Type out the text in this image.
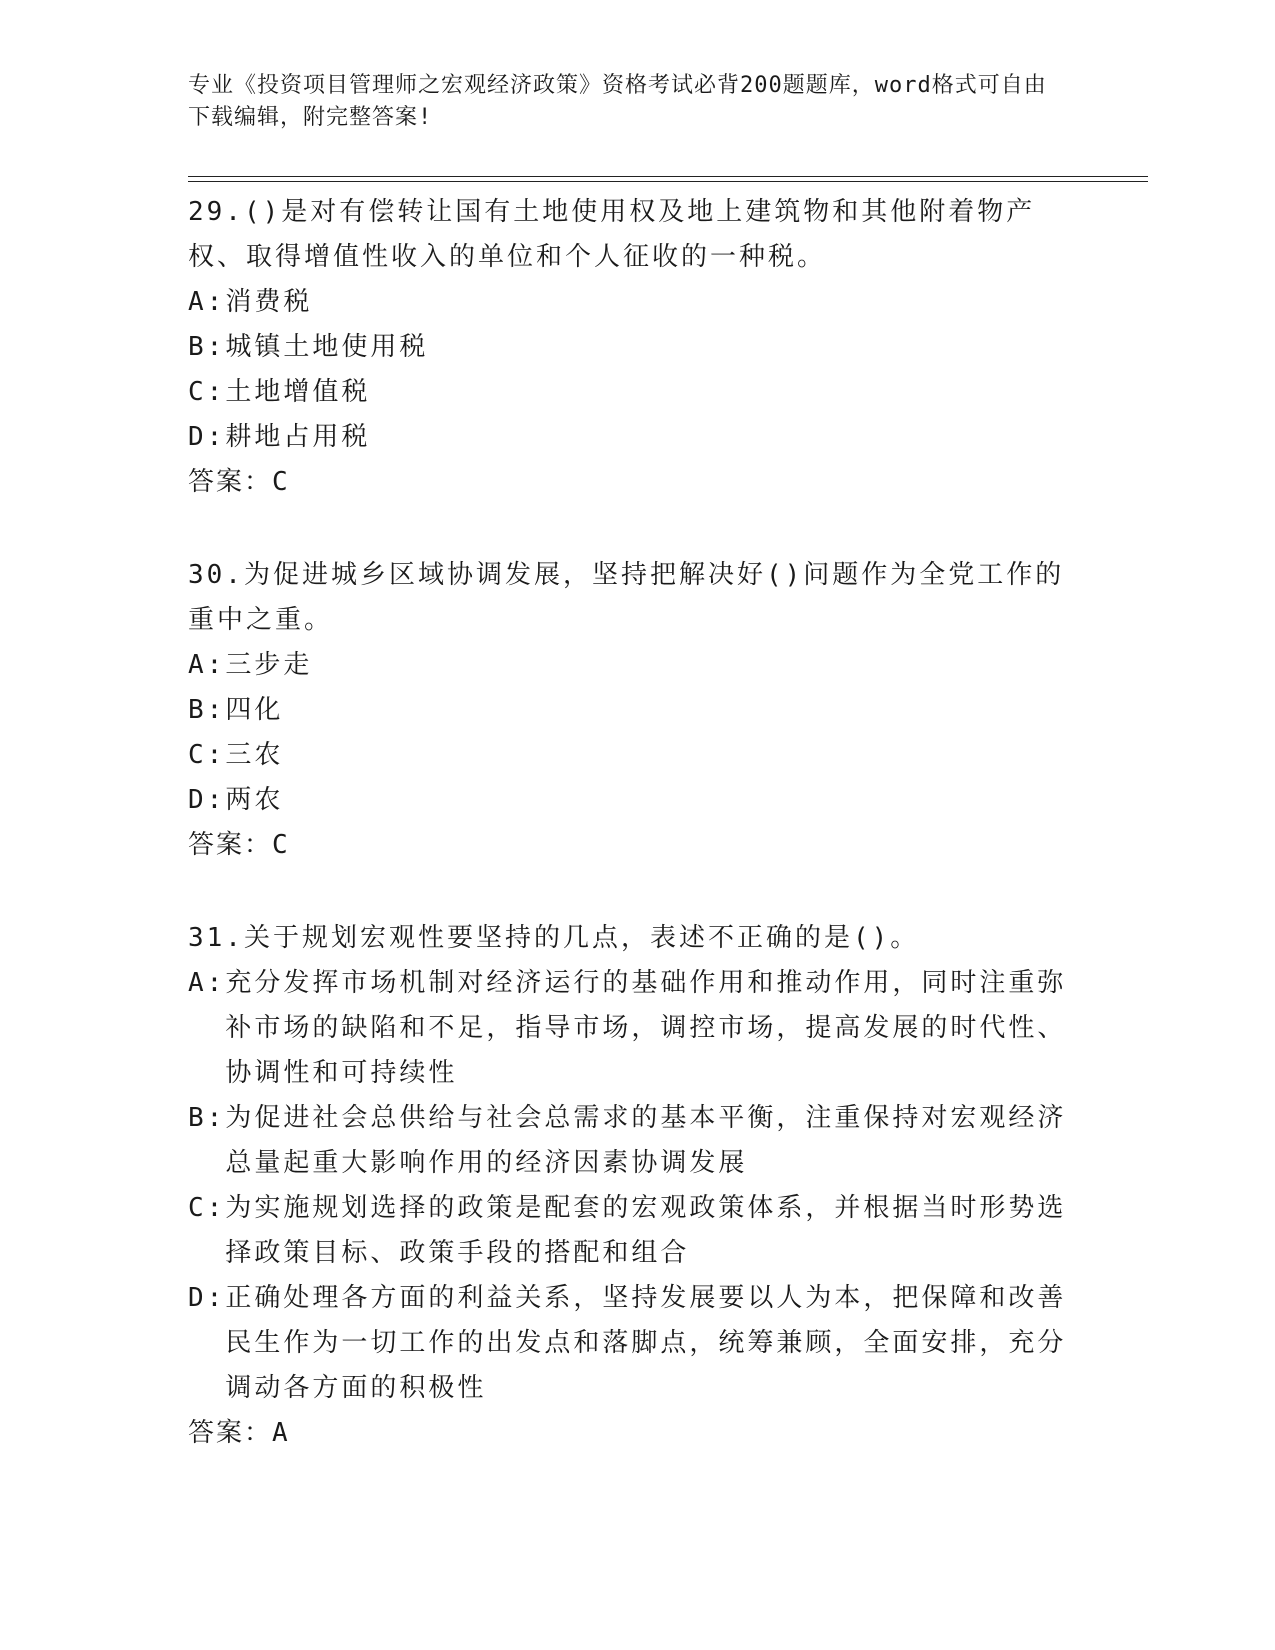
专业《投资项目管理师之宏观经济政策》资格考试必背200题题库，word格式可自由下载编辑，附完整答案!

29.()是对有偿转让国有土地使用权及地上建筑物和其他附着物产权、取得增值性收入的单位和个人征收的一种税。

A: 消费税
B: 城镇土地使用税
C: 土地增值税
D: 耕地占用税

答案：C

30.为促进城乡区域协调发展，坚持把解决好()问题作为全党工作的重中之重。

A: 三步走
B: 四化
C: 三农
D: 两农

答案：C

31.关于规划宏观性要坚持的几点，表述不正确的是()。

A: 充分发挥市场机制对经济运行的基础作用和推动作用，同时注重弥补市场的缺陷和不足，指导市场，调控市场，提高发展的时代性、协调性和可持续性
B: 为促进社会总供给与社会总需求的基本平衡，注重保持对宏观经济总量起重大影响作用的经济因素协调发展
C: 为实施规划选择的政策是配套的宏观政策体系，并根据当时形势选择政策目标、政策手段的搭配和组合
D: 正确处理各方面的利益关系，坚持发展要以人为本，把保障和改善民生作为一切工作的出发点和落脚点，统筹兼顾，全面安排，充分调动各方面的积极性

答案：A
